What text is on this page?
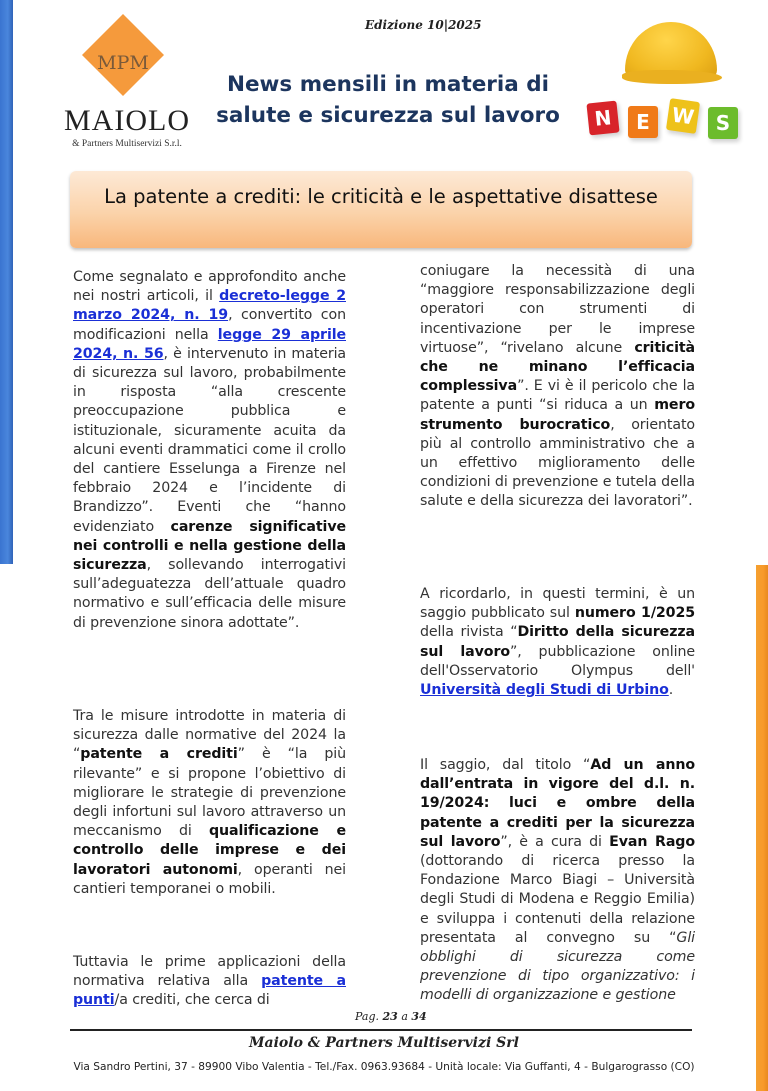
MPM
MAIOLO
& Partners Multiservizi S.r.l.
Edizione 10|2025
News mensili in materia di salute e sicurezza sul lavoro	N	E	W	S
La patente a crediti: le criticità e le aspettative disattese

Come segnalato e approfondito anche nei nostri articoli, il decreto-legge 2 marzo 2024, n. 19, convertito con modificazioni nella legge 29 aprile 2024, n. 56, è intervenuto in materia di sicurezza sul lavoro, probabilmente in risposta “alla crescente preoccupazione pubblica e istituzionale, sicuramente acuita da alcuni eventi drammatici come il crollo del cantiere Esselunga a Firenze nel febbraio 2024 e l’incidente di Brandizzo”. Eventi che “hanno evidenziato carenze significative nei controlli e nella gestione della sicurezza, sollevando interrogativi sull’adeguatezza dell’attuale quadro normativo e sull’efficacia delle misure di prevenzione sinora adottate”.

Tra le misure introdotte in materia di sicurezza dalle normative del 2024 la “patente a crediti” è “la più rilevante” e si propone l’obiettivo di migliorare le strategie di prevenzione degli infortuni sul lavoro attraverso un meccanismo di qualificazione e controllo delle imprese e dei lavoratori autonomi, operanti nei cantieri temporanei o mobili.

Tuttavia le prime applicazioni della normativa relativa alla patente a punti/a crediti, che cerca di

coniugare la necessità di una “maggiore responsabilizzazione degli operatori con strumenti di incentivazione per le imprese virtuose”, “rivelano alcune criticità che ne minano l’efficacia complessiva”. E vi è il pericolo che la patente a punti “si riduca a un mero strumento burocratico, orientato più al controllo amministrativo che a un effettivo miglioramento delle condizioni di prevenzione e tutela della salute e della sicurezza dei lavoratori”.

A ricordarlo, in questi termini, è un saggio pubblicato sul numero 1/2025 della rivista “Diritto della sicurezza sul lavoro”, pubblicazione online dell'Osservatorio Olympus dell' Università degli Studi di Urbino.

Il saggio, dal titolo “Ad un anno dall’entrata in vigore del d.l. n. 19/2024: luci e ombre della patente a crediti per la sicurezza sul lavoro”, è a cura di Evan Rago (dottorando di ricerca presso la Fondazione Marco Biagi – Università degli Studi di Modena e Reggio Emilia) e sviluppa i contenuti della relazione presentata al convegno su “Gli obblighi di sicurezza come prevenzione di tipo organizzativo: i modelli di organizzazione e gestione

Pag. 23 a 34
Maiolo & Partners Multiservizi Srl
Via Sandro Pertini, 37 - 89900 Vibo Valentia - Tel./Fax. 0963.93684 - Unità locale: Via Guffanti, 4 - Bulgarograsso (CO)
